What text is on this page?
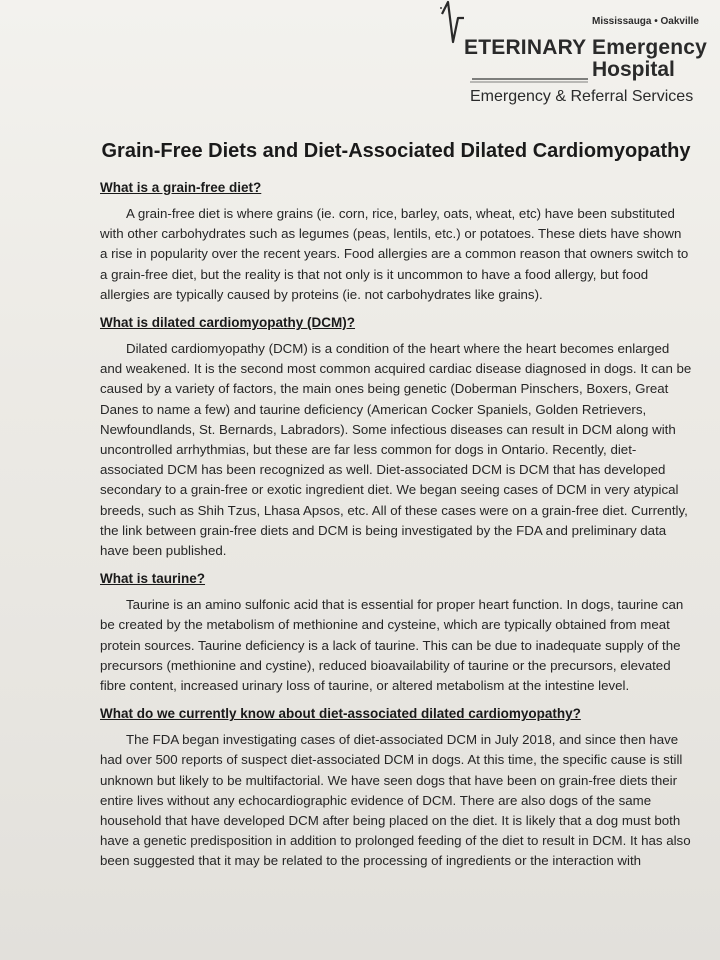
Mississauga • Oakville
ETERINARY Emergency
Hospital
Emergency & Referral Services
Grain-Free Diets and Diet-Associated Dilated Cardiomyopathy
What is a grain-free diet?

A grain-free diet is where grains (ie. corn, rice, barley, oats, wheat, etc) have been substituted with other carbohydrates such as legumes (peas, lentils, etc.) or potatoes. These diets have shown a rise in popularity over the recent years. Food allergies are a common reason that owners switch to a grain-free diet, but the reality is that not only is it uncommon to have a food allergy, but food allergies are typically caused by proteins (ie. not carbohydrates like grains).

What is dilated cardiomyopathy (DCM)?

Dilated cardiomyopathy (DCM) is a condition of the heart where the heart becomes enlarged and weakened. It is the second most common acquired cardiac disease diagnosed in dogs. It can be caused by a variety of factors, the main ones being genetic (Doberman Pinschers, Boxers, Great Danes to name a few) and taurine deficiency (American Cocker Spaniels, Golden Retrievers, Newfoundlands, St. Bernards, Labradors). Some infectious diseases can result in DCM along with uncontrolled arrhythmias, but these are far less common for dogs in Ontario. Recently, diet-associated DCM has been recognized as well. Diet-associated DCM is DCM that has developed secondary to a grain-free or exotic ingredient diet. We began seeing cases of DCM in very atypical breeds, such as Shih Tzus, Lhasa Apsos, etc. All of these cases were on a grain-free diet. Currently, the link between grain-free diets and DCM is being investigated by the FDA and preliminary data have been published.

What is taurine?

Taurine is an amino sulfonic acid that is essential for proper heart function. In dogs, taurine can be created by the metabolism of methionine and cysteine, which are typically obtained from meat protein sources. Taurine deficiency is a lack of taurine. This can be due to inadequate supply of the precursors (methionine and cystine), reduced bioavailability of taurine or the precursors, elevated fibre content, increased urinary loss of taurine, or altered metabolism at the intestine level.

What do we currently know about diet-associated dilated cardiomyopathy?

The FDA began investigating cases of diet-associated DCM in July 2018, and since then have had over 500 reports of suspect diet-associated DCM in dogs. At this time, the specific cause is still unknown but likely to be multifactorial. We have seen dogs that have been on grain-free diets their entire lives without any echocardiographic evidence of DCM. There are also dogs of the same household that have developed DCM after being placed on the diet. It is likely that a dog must both have a genetic predisposition in addition to prolonged feeding of the diet to result in DCM. It has also been suggested that it may be related to the processing of ingredients or the interaction with
